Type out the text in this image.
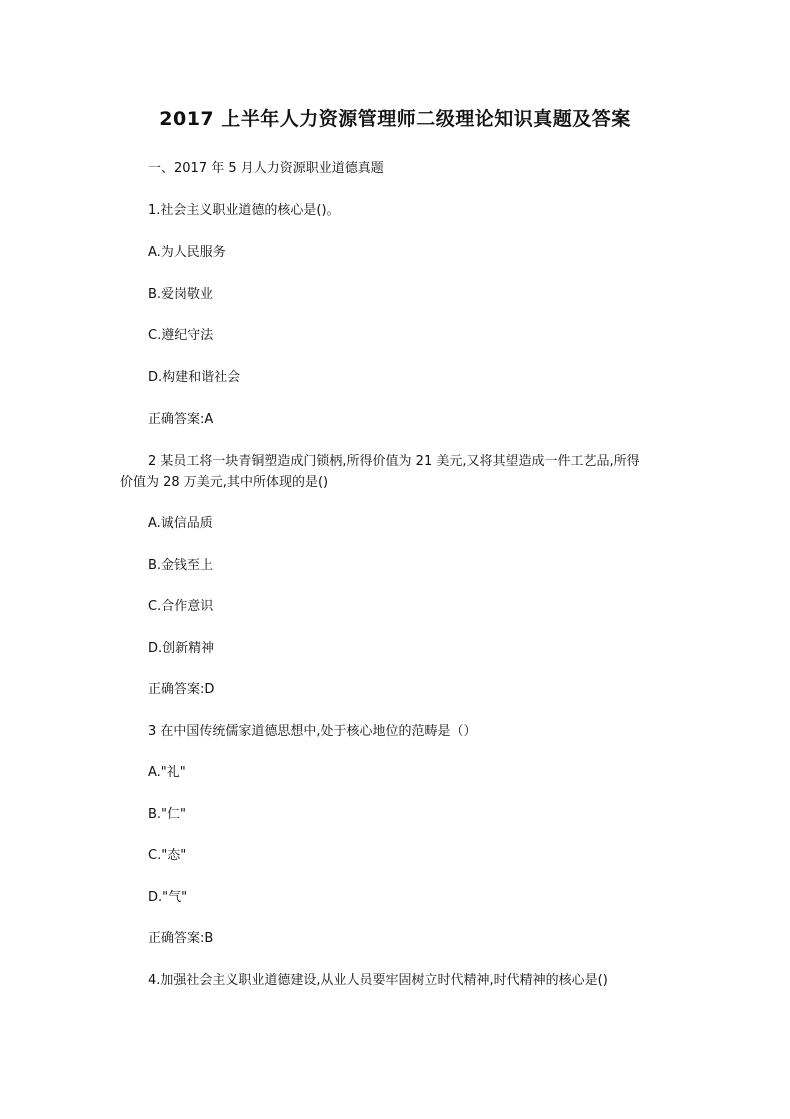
2017 上半年人力资源管理师二级理论知识真题及答案
一、2017 年 5 月人力资源职业道德真题
1.社会主义职业道德的核心是()。
A.为人民服务
B.爱岗敬业
C.遵纪守法
D.构建和谐社会
正确答案:A
2 某员工将一块青铜塑造成门锁柄,所得价值为 21 美元,又将其望造成一件工艺品,所得
价值为 28 万美元,其中所体现的是()
A.诚信品质
B.金钱至上
C.合作意识
D.创新精神
正确答案:D
3 在中国传统儒家道德思想中,处于核心地位的范畴是（）
A."礼"
B."仁"
C."态"
D."气"
正确答案:B
4.加强社会主义职业道德建设,从业人员要牢固树立时代精神,时代精神的核心是()
